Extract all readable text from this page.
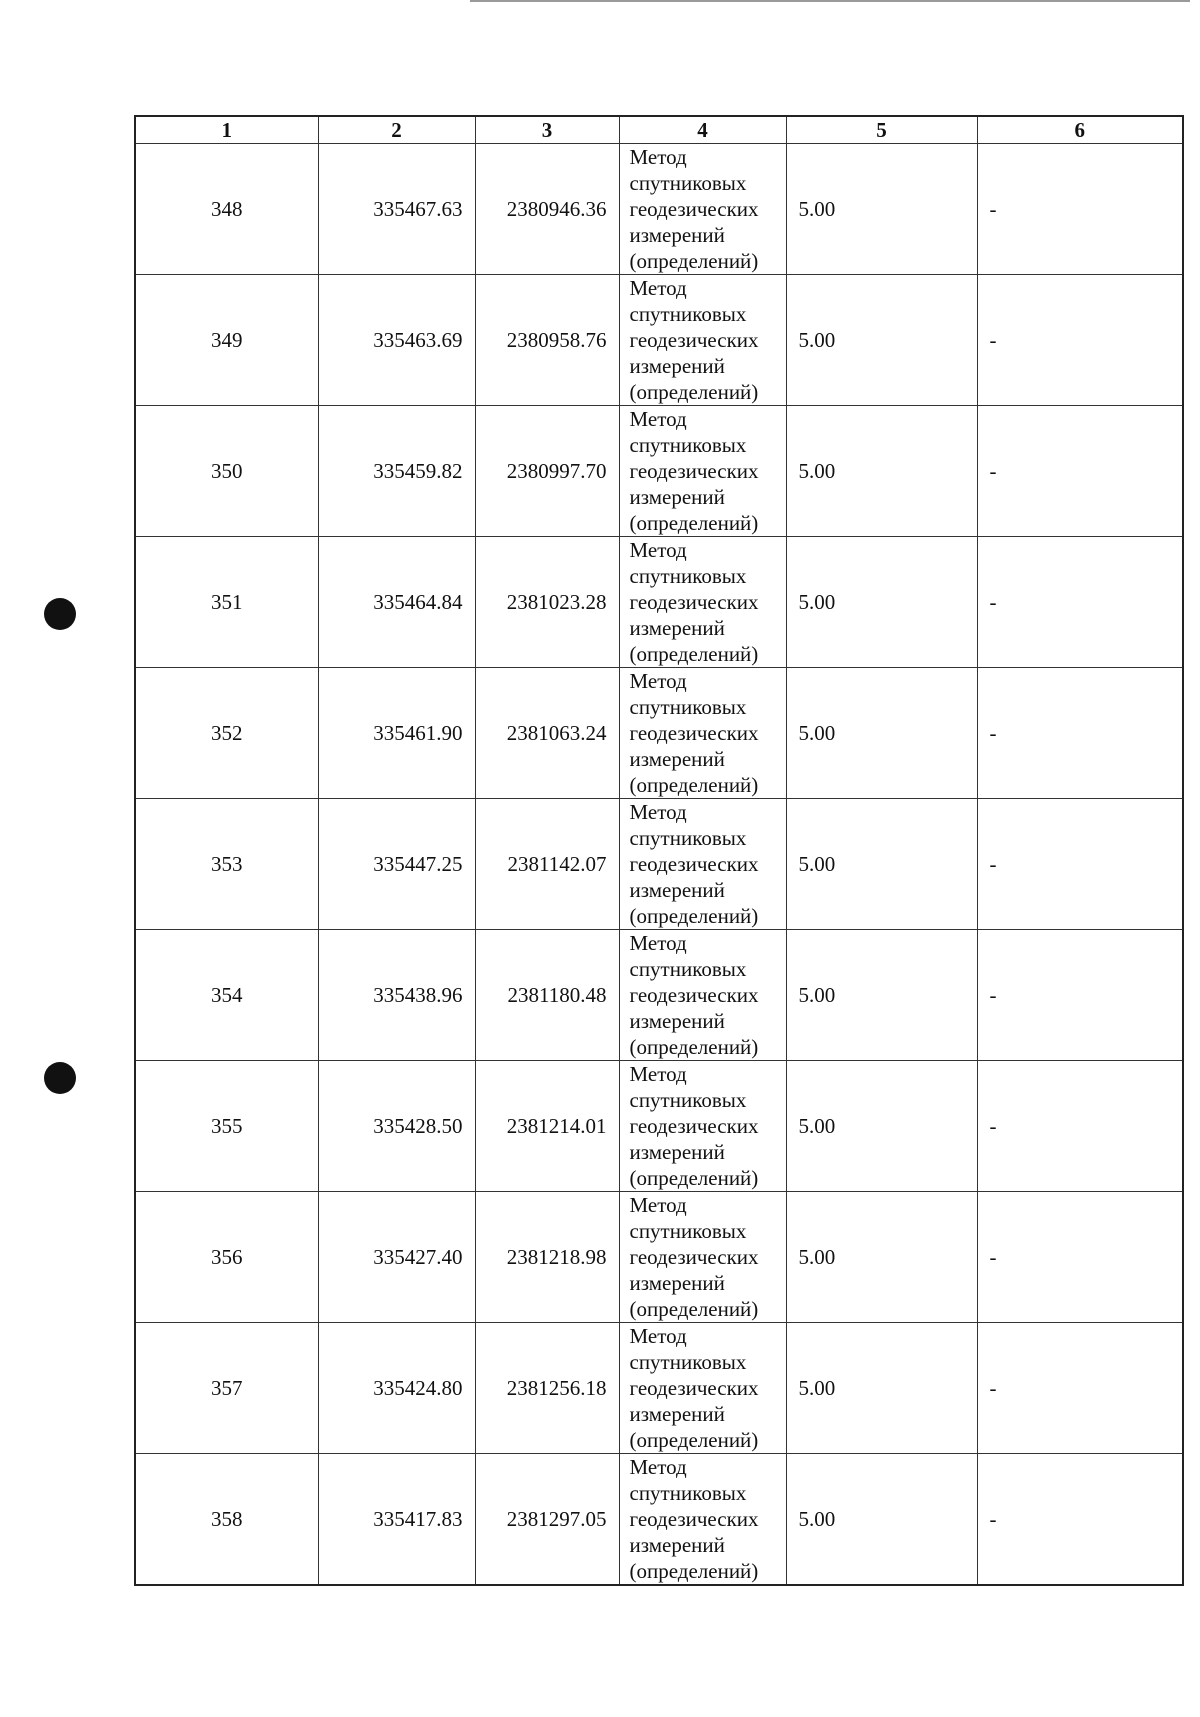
1	2	3	4	5	6
348	335467.63	2380946.36	Метод
спутниковых
геодезических
измерений
(определений)	5.00	-
349	335463.69	2380958.76	Метод
спутниковых
геодезических
измерений
(определений)	5.00	-
350	335459.82	2380997.70	Метод
спутниковых
геодезических
измерений
(определений)	5.00	-
351	335464.84	2381023.28	Метод
спутниковых
геодезических
измерений
(определений)	5.00	-
352	335461.90	2381063.24	Метод
спутниковых
геодезических
измерений
(определений)	5.00	-
353	335447.25	2381142.07	Метод
спутниковых
геодезических
измерений
(определений)	5.00	-
354	335438.96	2381180.48	Метод
спутниковых
геодезических
измерений
(определений)	5.00	-
355	335428.50	2381214.01	Метод
спутниковых
геодезических
измерений
(определений)	5.00	-
356	335427.40	2381218.98	Метод
спутниковых
геодезических
измерений
(определений)	5.00	-
357	335424.80	2381256.18	Метод
спутниковых
геодезических
измерений
(определений)	5.00	-
358	335417.83	2381297.05	Метод
спутниковых
геодезических
измерений
(определений)	5.00	-
